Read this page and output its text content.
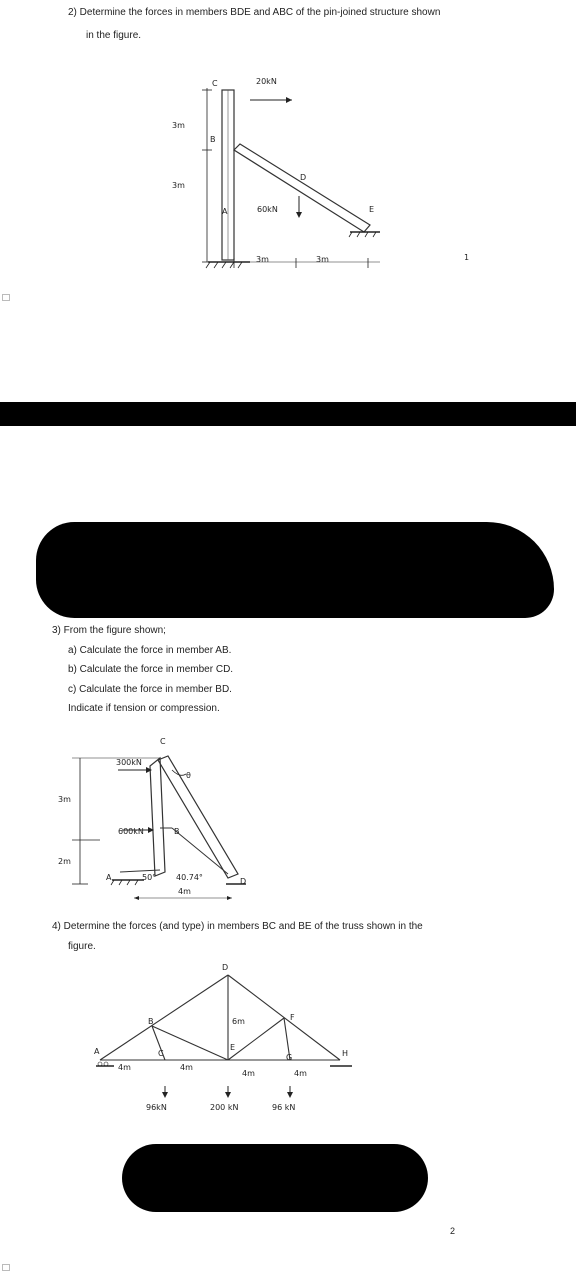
2) Determine the forces in members BDE and ABC of the pin-joined structure shown
in the figure.
C	20kN
B
D
A	60kN	E
3m
3m
3m	3m	1
3) From the figure shown;
a) Calculate the force in member AB.
b) Calculate the force in member CD.
c) Calculate the force in member BD.
Indicate if tension or compression.
C
300kN
θ
3m
600kN	B
2m
A	50° 40.74°	D
4m
4) Determine the forces (and type) in members BC and BE of the truss shown in the
figure.
D
B	F
6m
A	C
E
G	H
4m	4m
4m	4m
96kN	200 kN	96 kN
2
